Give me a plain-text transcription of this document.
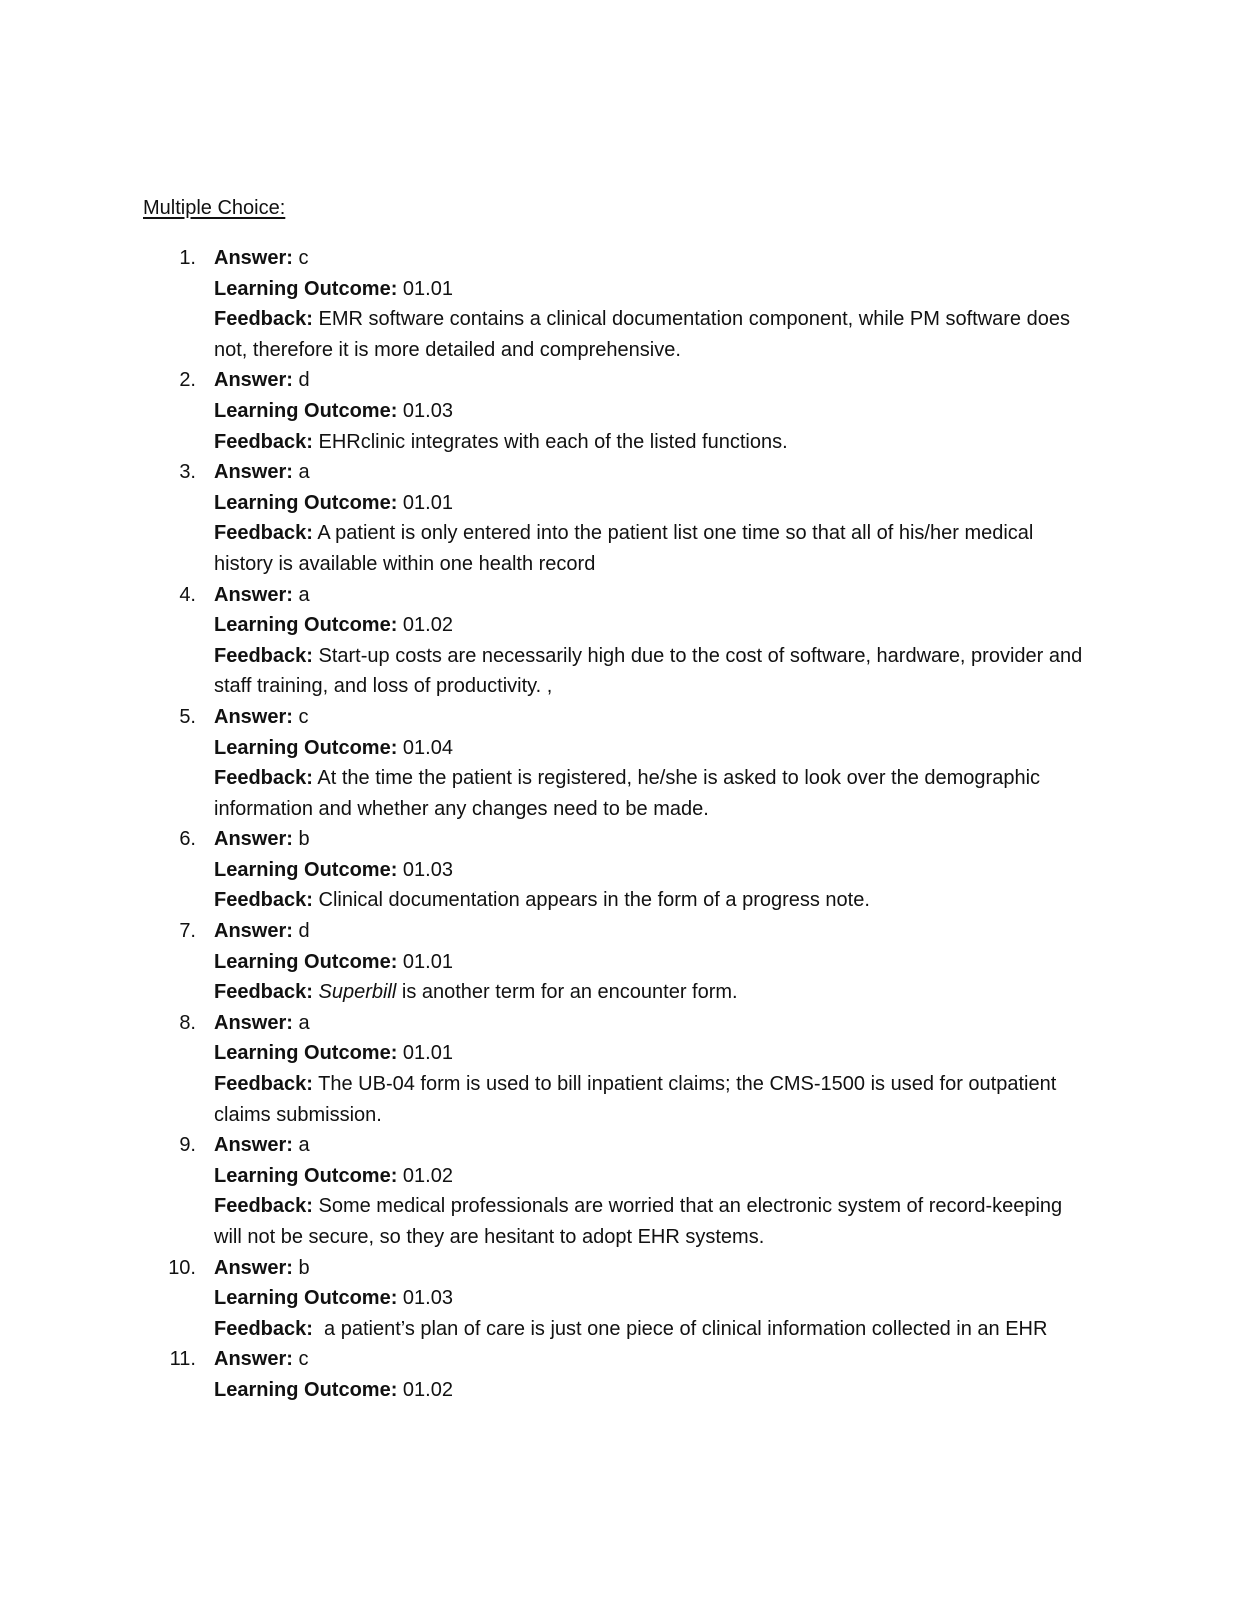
Multiple Choice:
1. Answer: c

Learning Outcome: 01.01

Feedback: EMR software contains a clinical documentation component, while PM software does not, therefore it is more detailed and comprehensive.

2. Answer: d

Learning Outcome: 01.03

Feedback: EHRclinic integrates with each of the listed functions.

3. Answer: a

Learning Outcome: 01.01

Feedback: A patient is only entered into the patient list one time so that all of his/her medical history is available within one health record

4. Answer: a

Learning Outcome: 01.02

Feedback: Start-up costs are necessarily high due to the cost of software, hardware, provider and staff training, and loss of productivity. ,

5. Answer: c

Learning Outcome: 01.04

Feedback: At the time the patient is registered, he/she is asked to look over the demographic information and whether any changes need to be made.

6. Answer: b

Learning Outcome: 01.03

Feedback: Clinical documentation appears in the form of a progress note.

7. Answer: d

Learning Outcome: 01.01

Feedback: Superbill is another term for an encounter form.

8. Answer: a

Learning Outcome: 01.01

Feedback: The UB-04 form is used to bill inpatient claims; the CMS-1500 is used for outpatient claims submission.

9. Answer: a

Learning Outcome: 01.02

Feedback: Some medical professionals are worried that an electronic system of record-keeping will not be secure, so they are hesitant to adopt EHR systems.

10. Answer: b

Learning Outcome: 01.03

Feedback:  a patient’s plan of care is just one piece of clinical information collected in an EHR

11. Answer: c

Learning Outcome: 01.02
